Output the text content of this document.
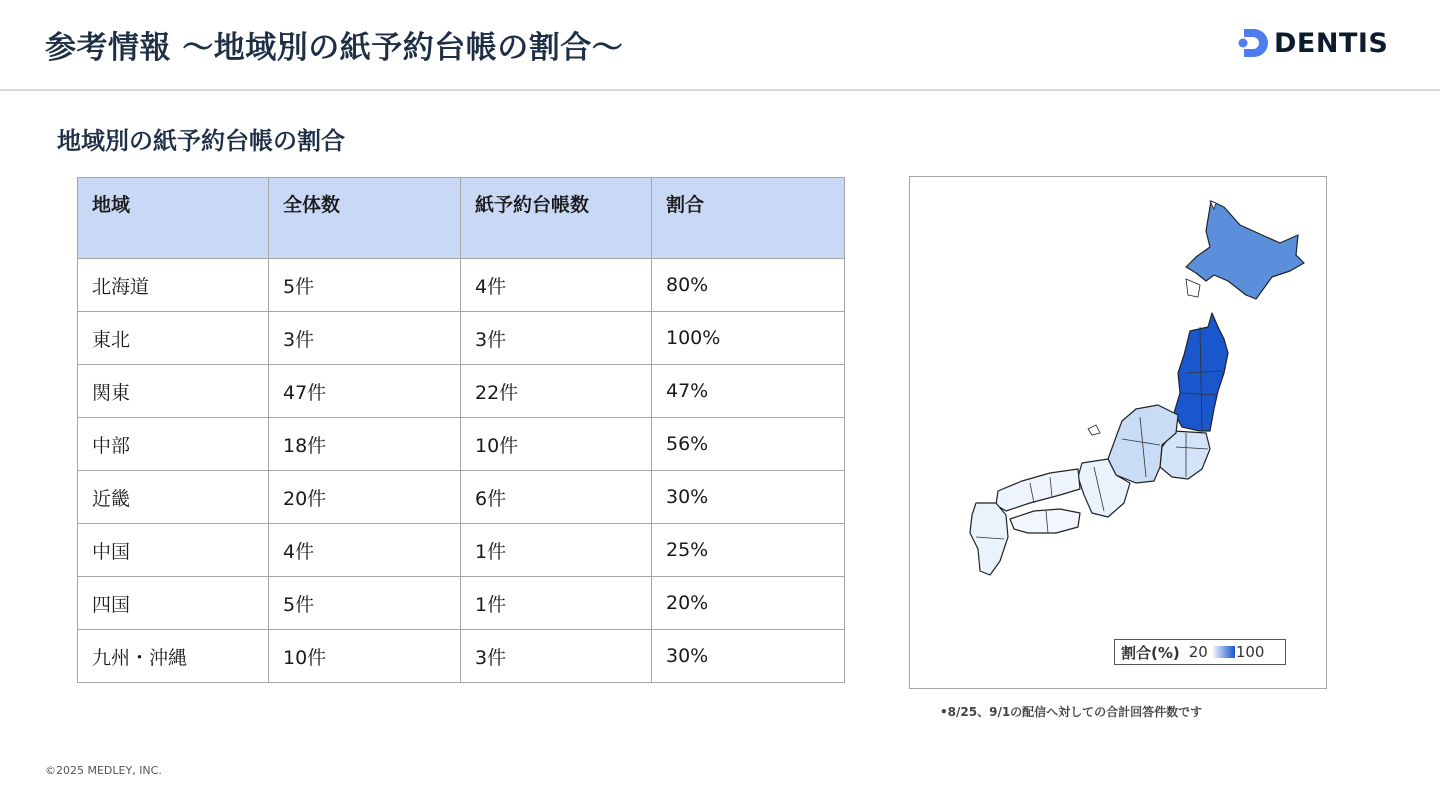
参考情報 〜地域別の紙予約台帳の割合〜	DENTIS
地域別の紙予約台帳の割合
地域	全体数	紙予約台帳数	割合
北海道	5件	4件	80%
東北	3件	3件	100%
関東	47件	22件	47%
中部	18件	10件	56%
近畿	20件	6件	30%
中国	4件	1件	25%
四国	5件	1件	20%
九州・沖縄	10件	3件	30%	割合(%) 20 100
•8/25、9/1の配信へ対しての合計回答件数です
©2025 MEDLEY, INC.
